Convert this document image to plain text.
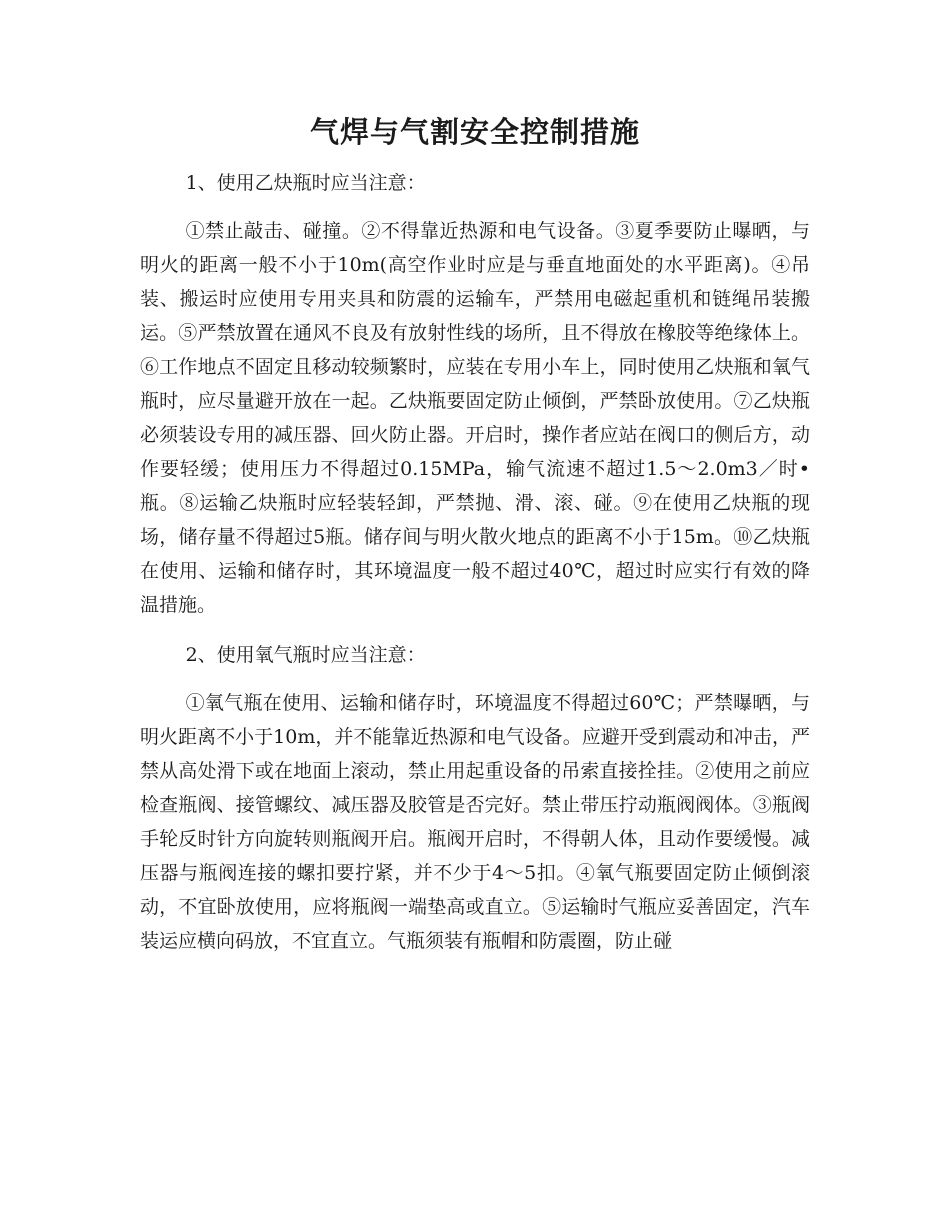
气焊与气割安全控制措施

1、使用乙炔瓶时应当注意：

①禁止敲击、碰撞。②不得靠近热源和电气设备。③夏季要防止曝晒，与明火的距离一般不小于10m(高空作业时应是与垂直地面处的水平距离)。④吊装、搬运时应使用专用夹具和防震的运输车，严禁用电磁起重机和链绳吊装搬运。⑤严禁放置在通风不良及有放射性线的场所，且不得放在橡胶等绝缘体上。⑥工作地点不固定且移动较频繁时，应装在专用小车上，同时使用乙炔瓶和氧气瓶时，应尽量避开放在一起。乙炔瓶要固定防止倾倒，严禁卧放使用。⑦乙炔瓶必须装设专用的减压器、回火防止器。开启时，操作者应站在阀口的侧后方，动作要轻缓；使用压力不得超过0.15MPa，输气流速不超过1.5～2.0m3／时•瓶。⑧运输乙炔瓶时应轻装轻卸，严禁抛、滑、滚、碰。⑨在使用乙炔瓶的现场，储存量不得超过5瓶。储存间与明火散火地点的距离不小于15m。⑩乙炔瓶在使用、运输和储存时，其环境温度一般不超过40℃，超过时应实行有效的降温措施。

2、使用氧气瓶时应当注意：

①氧气瓶在使用、运输和储存时，环境温度不得超过60℃；严禁曝晒，与明火距离不小于10m，并不能靠近热源和电气设备。应避开受到震动和冲击，严禁从高处滑下或在地面上滚动，禁止用起重设备的吊索直接拴挂。②使用之前应检查瓶阀、接管螺纹、减压器及胶管是否完好。禁止带压拧动瓶阀阀体。③瓶阀手轮反时针方向旋转则瓶阀开启。瓶阀开启时，不得朝人体，且动作要缓慢。减压器与瓶阀连接的螺扣要拧紧，并不少于4～5扣。④氧气瓶要固定防止倾倒滚动，不宜卧放使用，应将瓶阀一端垫高或直立。⑤运输时气瓶应妥善固定，汽车装运应横向码放，不宜直立。气瓶须装有瓶帽和防震圈，防止碰
